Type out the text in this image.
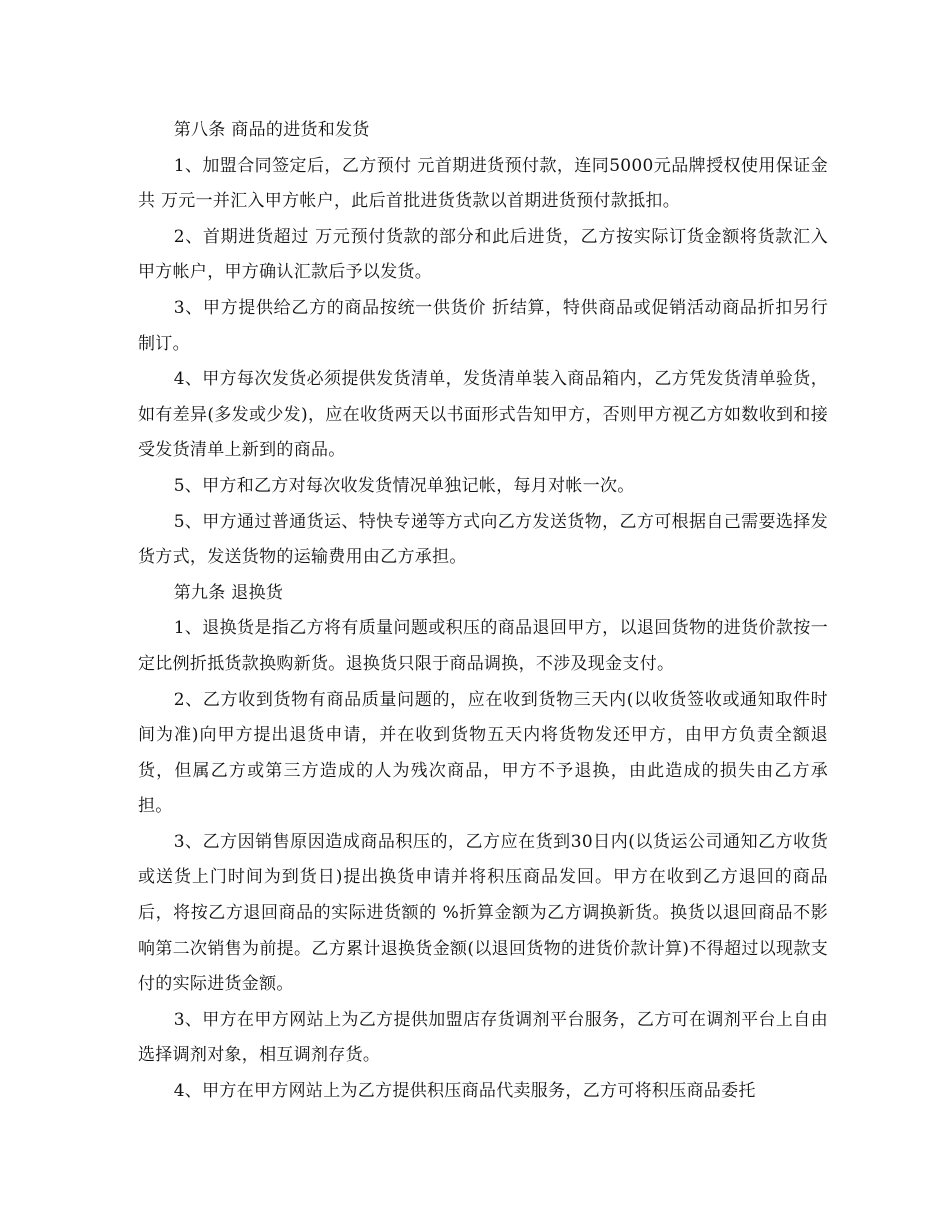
第八条 商品的进货和发货

1、加盟合同签定后，乙方预付 元首期进货预付款，连同5000元品牌授权使用保证金共 万元一并汇入甲方帐户，此后首批进货货款以首期进货预付款抵扣。

2、首期进货超过 万元预付货款的部分和此后进货，乙方按实际订货金额将货款汇入甲方帐户，甲方确认汇款后予以发货。

3、甲方提供给乙方的商品按统一供货价 折结算，特供商品或促销活动商品折扣另行制订。

4、甲方每次发货必须提供发货清单，发货清单装入商品箱内，乙方凭发货清单验货，如有差异(多发或少发)，应在收货两天以书面形式告知甲方，否则甲方视乙方如数收到和接受发货清单上新到的商品。

5、甲方和乙方对每次收发货情况单独记帐，每月对帐一次。

5、甲方通过普通货运、特快专递等方式向乙方发送货物，乙方可根据自己需要选择发货方式，发送货物的运输费用由乙方承担。

第九条 退换货

1、退换货是指乙方将有质量问题或积压的商品退回甲方，以退回货物的进货价款按一定比例折抵货款换购新货。退换货只限于商品调换，不涉及现金支付。

2、乙方收到货物有商品质量问题的，应在收到货物三天内(以收货签收或通知取件时间为准)向甲方提出退货申请，并在收到货物五天内将货物发还甲方，由甲方负责全额退货，但属乙方或第三方造成的人为残次商品，甲方不予退换，由此造成的损失由乙方承担。

3、乙方因销售原因造成商品积压的，乙方应在货到30日内(以货运公司通知乙方收货或送货上门时间为到货日)提出换货申请并将积压商品发回。甲方在收到乙方退回的商品后，将按乙方退回商品的实际进货额的 %折算金额为乙方调换新货。换货以退回商品不影响第二次销售为前提。乙方累计退换货金额(以退回货物的进货价款计算)不得超过以现款支付的实际进货金额。

3、甲方在甲方网站上为乙方提供加盟店存货调剂平台服务，乙方可在调剂平台上自由选择调剂对象，相互调剂存货。

4、甲方在甲方网站上为乙方提供积压商品代卖服务，乙方可将积压商品委托
